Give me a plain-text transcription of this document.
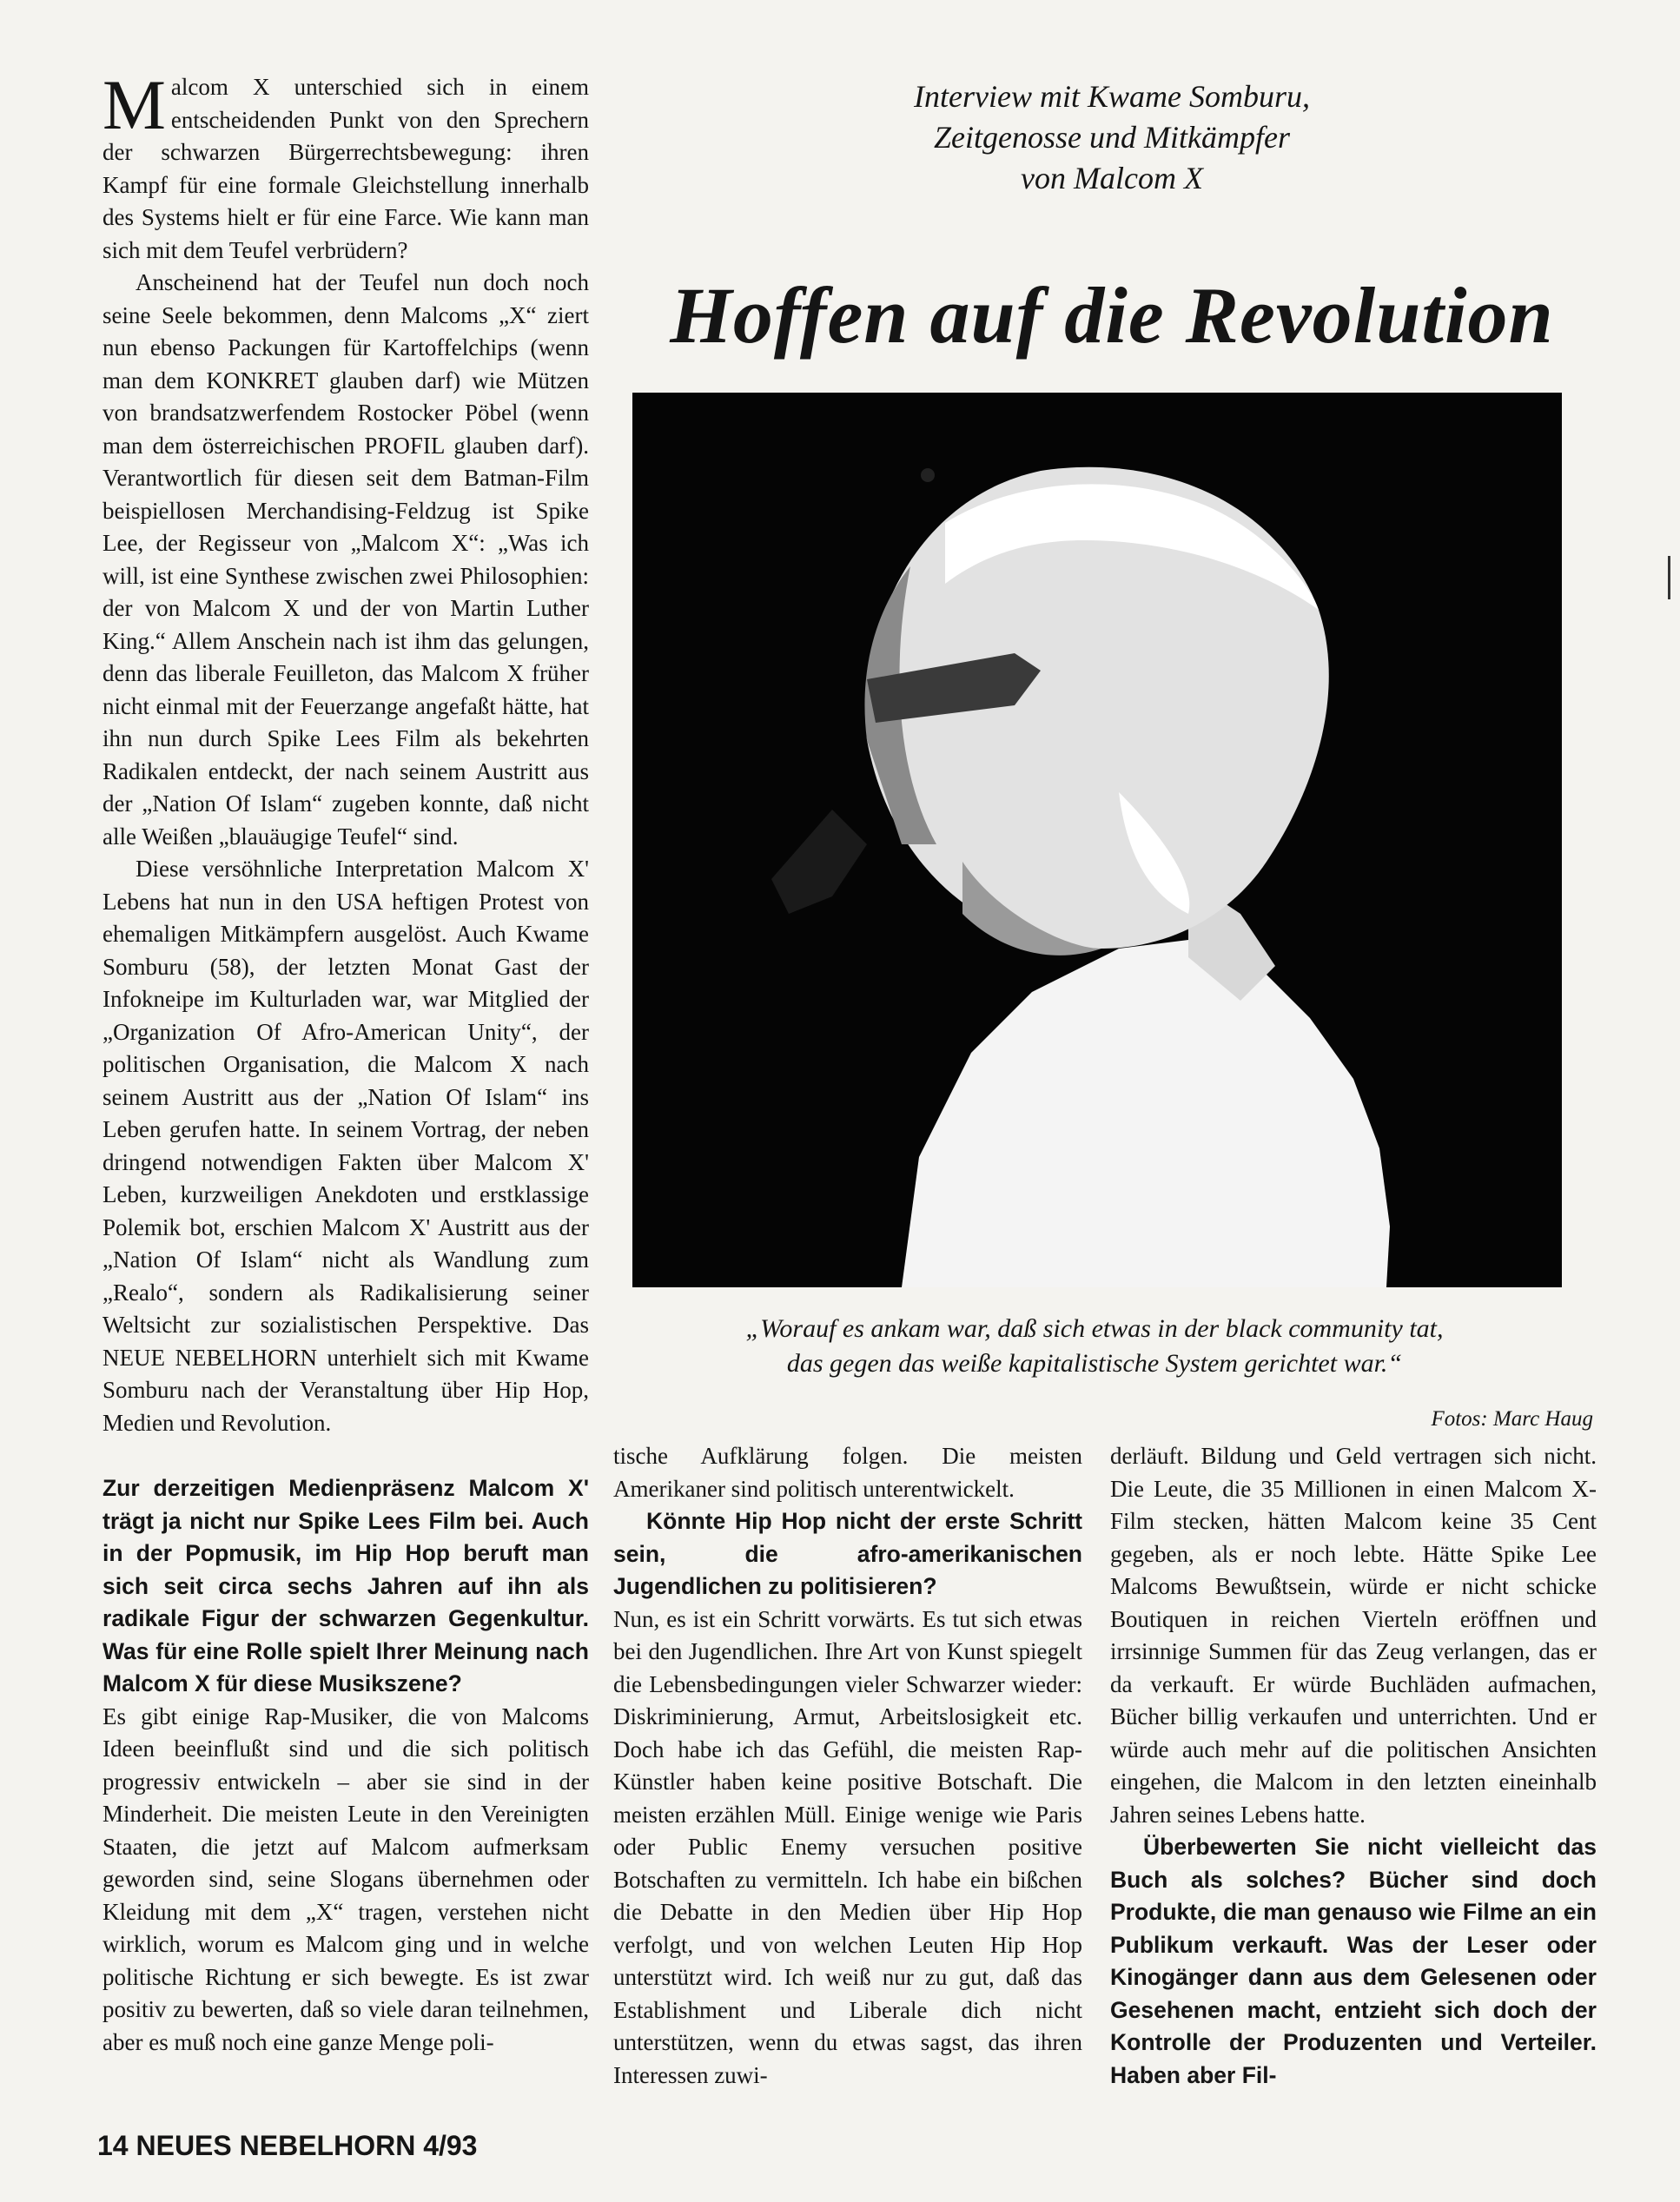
Malcom X unterschied sich in einem entscheidenden Punkt von den Sprechern der schwarzen Bürgerrechtsbewegung: ihren Kampf für eine formale Gleichstellung innerhalb des Systems hielt er für eine Farce. Wie kann man sich mit dem Teufel verbrüdern?

Anscheinend hat der Teufel nun doch noch seine Seele bekommen, denn Malcoms „X“ ziert nun ebenso Packungen für Kartoffelchips (wenn man dem KONKRET glauben darf) wie Mützen von brandsatzwerfendem Rostocker Pöbel (wenn man dem österreichischen PROFIL glauben darf). Verantwortlich für diesen seit dem Batman-Film beispiellosen Merchandising-Feldzug ist Spike Lee, der Regisseur von „Malcom X“: „Was ich will, ist eine Synthese zwischen zwei Philosophien: der von Malcom X und der von Martin Luther King.“ Allem Anschein nach ist ihm das gelungen, denn das liberale Feuilleton, das Malcom X früher nicht einmal mit der Feuerzange angefaßt hätte, hat ihn nun durch Spike Lees Film als bekehrten Radikalen entdeckt, der nach seinem Austritt aus der „Nation Of Islam“ zugeben konnte, daß nicht alle Weißen „blauäugige Teufel“ sind.

Diese versöhnliche Interpretation Malcom X' Lebens hat nun in den USA heftigen Protest von ehemaligen Mitkämpfern ausgelöst. Auch Kwame Somburu (58), der letzten Monat Gast der Infokneipe im Kulturladen war, war Mitglied der „Organization Of Afro-American Unity“, der politischen Organisation, die Malcom X nach seinem Austritt aus der „Nation Of Islam“ ins Leben gerufen hatte. In seinem Vortrag, der neben dringend notwendigen Fakten über Malcom X' Leben, kurzweiligen Anekdoten und erstklassige Polemik bot, erschien Malcom X' Austritt aus der „Nation Of Islam“ nicht als Wandlung zum „Realo“, sondern als Radikalisierung seiner Weltsicht zur sozialistischen Perspektive. Das NEUE NEBELHORN unterhielt sich mit Kwame Somburu nach der Veranstaltung über Hip Hop, Medien und Revolution.

Zur derzeitigen Medienpräsenz Malcom X' trägt ja nicht nur Spike Lees Film bei. Auch in der Popmusik, im Hip Hop beruft man sich seit circa sechs Jahren auf ihn als radikale Figur der schwarzen Gegenkultur. Was für eine Rolle spielt Ihrer Meinung nach Malcom X für diese Musikszene?

Es gibt einige Rap-Musiker, die von Malcoms Ideen beeinflußt sind und die sich politisch progressiv entwickeln – aber sie sind in der Minderheit. Die meisten Leute in den Vereinigten Staaten, die jetzt auf Malcom aufmerksam geworden sind, seine Slogans übernehmen oder Kleidung mit dem „X“ tragen, verstehen nicht wirklich, worum es Malcom ging und in welche politische Richtung er sich bewegte. Es ist zwar positiv zu bewerten, daß so viele daran teilnehmen, aber es muß noch eine ganze Menge poli-

Interview mit Kwame Somburu,
Zeitgenosse und Mitkämpfer
von Malcom X
Hoffen auf die Revolution
„Worauf es ankam war, daß sich etwas in der black community tat,
das gegen das weiße kapitalistische System gerichtet war.“
Fotos: Marc Haug

tische Aufklärung folgen. Die meisten Amerikaner sind politisch unterentwickelt.

Könnte Hip Hop nicht der erste Schritt sein, die afro-amerikanischen Jugendlichen zu politisieren?

Nun, es ist ein Schritt vorwärts. Es tut sich etwas bei den Jugendlichen. Ihre Art von Kunst spiegelt die Lebensbedingungen vieler Schwarzer wieder: Diskriminierung, Armut, Arbeitslosigkeit etc. Doch habe ich das Gefühl, die meisten Rap-Künstler haben keine positive Botschaft. Die meisten erzählen Müll. Einige wenige wie Paris oder Public Enemy versuchen positive Botschaften zu vermitteln. Ich habe ein bißchen die Debatte in den Medien über Hip Hop verfolgt, und von welchen Leuten Hip Hop unterstützt wird. Ich weiß nur zu gut, daß das Establishment und Liberale dich nicht unterstützen, wenn du etwas sagst, das ihren Interessen zuwi-

derläuft. Bildung und Geld vertragen sich nicht. Die Leute, die 35 Millionen in einen Malcom X-Film stecken, hätten Malcom keine 35 Cent gegeben, als er noch lebte. Hätte Spike Lee Malcoms Bewußtsein, würde er nicht schicke Boutiquen in reichen Vierteln eröffnen und irrsinnige Summen für das Zeug verlangen, das er da verkauft. Er würde Buchläden aufmachen, Bücher billig verkaufen und unterrichten. Und er würde auch mehr auf die politischen Ansichten eingehen, die Malcom in den letzten eineinhalb Jahren seines Lebens hatte.

Überbewerten Sie nicht vielleicht das Buch als solches? Bücher sind doch Produkte, die man genauso wie Filme an ein Publikum verkauft. Was der Leser oder Kinogänger dann aus dem Gelesenen oder Gesehenen macht, entzieht sich doch der Kontrolle der Produzenten und Verteiler. Haben aber Fil-

14 NEUES NEBELHORN 4/93
